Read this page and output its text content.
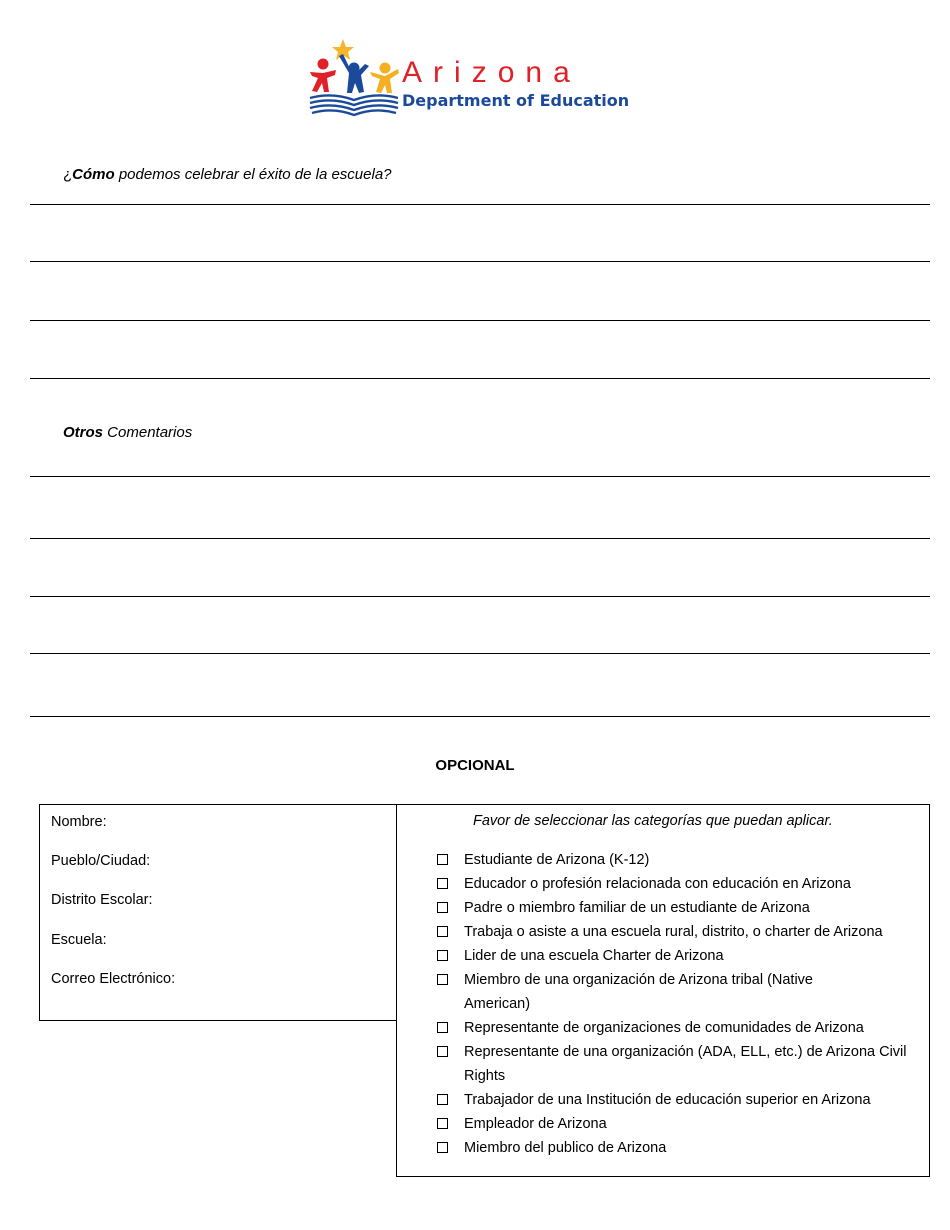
Arizona
Department of Education
¿Cómo podemos celebrar el éxito de la escuela?
Otros Comentarios
OPCIONAL
Nombre:
Pueblo/Ciudad:
Distrito Escolar:
Escuela:
Correo Electrónico:
Favor de seleccionar las categorías que puedan aplicar.
Estudiante de Arizona (K-12)
Educador o profesión relacionada con educación en Arizona
Padre o miembro familiar de un estudiante de Arizona
Trabaja o asiste a una escuela rural, distrito, o charter de Arizona
Lider de una escuela Charter de Arizona
Miembro de una organización de Arizona tribal (Native American)
Representante de organizaciones de comunidades de Arizona
Representante de una organización (ADA, ELL, etc.) de Arizona Civil Rights
Trabajador de una Institución de educación superior en Arizona
Empleador de Arizona
Miembro del publico de Arizona
